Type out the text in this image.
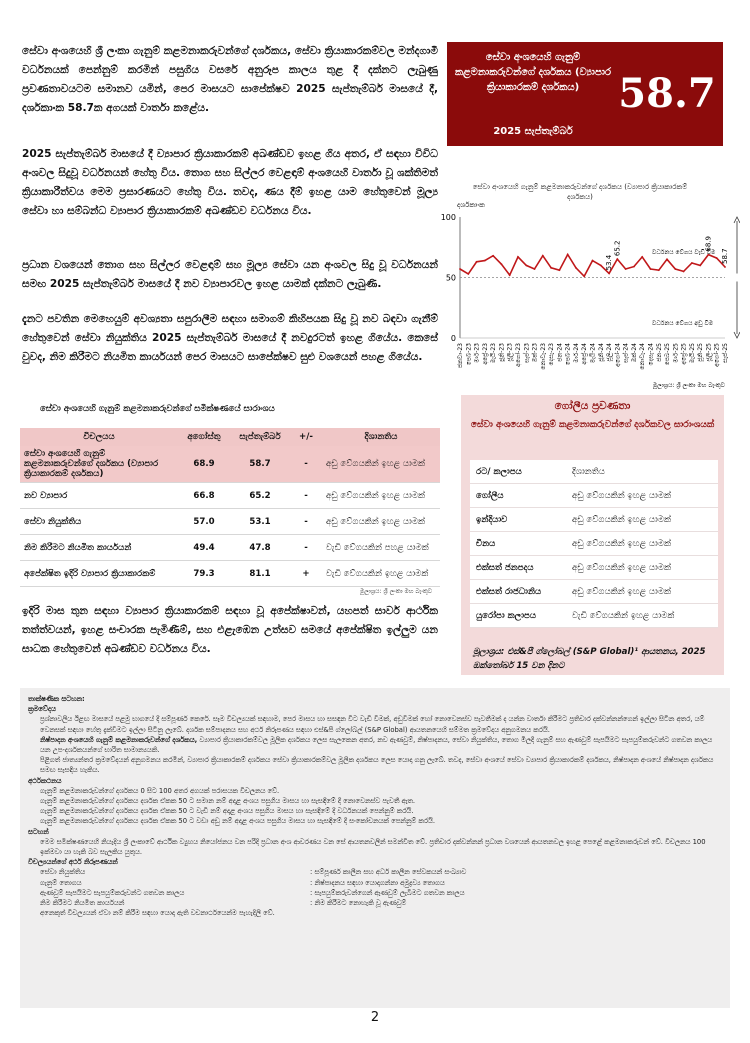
සේවා අංශයෙහි ශ්‍රී ලංකා ගැනුම් කළමනාකරුවන්ගේ දර්ශකය, සේවා ක්‍රියාකාරකම්වල මන්දගාමී වර්ධනයක් පෙන්නුම් කරමින් පසුගිය වසරේ අනුරූප කාලය තුළ දී දක්නට ලැබුණු ප්‍රවණතාවයටම සමානව යමින්, පෙර මාසයට සාපේක්ෂව 2025 සැප්තැම්බර් මාසයේ දී, දර්ශකාංක 58.7ක අගයක් වාර්තා කළේය.
2025 සැප්තැම්බර් මාසයේ දී ව්‍යාපාර ක්‍රියාකාරකම් අඛණ්ඩව ඉහළ ගිය අතර, ඒ සඳහා විවිධ අංශවල සිදුවූ වර්ධනයන් හේතු විය. තොග සහ සිල්ලර වෙළඳාම් අංශයෙහි වාර්තා වූ ශක්තිමත් ක්‍රියාකාරීත්වය මෙම ප්‍රසාරණයට හේතු විය. තවද, ණය දීම් ඉහළ යාම හේතුවෙන් මූල්‍ය සේවා හා සම්බන්ධ ව්‍යාපාර ක්‍රියාකාරකම් අඛණ්ඩව වර්ධනය විය.
ප්‍රධාන වශයෙන් තොග සහ සිල්ලර වෙළඳාම් සහ මූල්‍ය සේවා යන අංශවල සිදු වූ වර්ධනයන් සමඟ 2025 සැප්තැම්බර් මාසයේ දී නව ව්‍යාපාරවල ඉහළ යාමක් දක්නට ලැබුණි.
දැනට පවතින මෙහෙයුම් අවශ්‍යතා සපුරාලීම සඳහා සමාගම් කිහිපයක සිදු වූ නව බඳවා ගැනීම් හේතුවෙන් සේවා නියුක්තිය 2025 සැප්තැම්බර් මාසයේ දී නවදුරටත් ඉහළ ගියේය. කෙසේ වුවද, නිම කිරීමට නියමිත කාර්යයන් පෙර මාසයට සාපේක්ෂව සුළු වශයෙන් පහළ ගියේය.
සේවා අංශයෙහි ගැනුම් කළමනාකරුවන්ගේ දර්ශකය (ව්‍යාපාර ක්‍රියාකාරකම් දර්ශකය) 58.7
2025 සැප්තැම්බර්
සේවා අංශයෙහි ගැනුම් කළමනාකරුවන්ගේ දර්ශකය (ව්‍යාපාර ක්‍රියාකාරකම් දර්ශකය)
දර්ශකාංක
0
50
100
ජනවා-23 පෙබ-23 මාර්-23 අප්‍රේ-23 මැයි-23 ජූනි-23 ජූලි-23 අගෝ-23 සැප්-23 ඔක්-23 නොවැ-23 දෙසැ-23 ජන-24 පෙබ-24 මාර්-24 අප්‍රේ-24 මැයි-24 ජූනි-24 ජූලි-24 අගෝ-24 සැප්-24 ඔක්-24 නොවැ-24 දෙසැ-24 ජන-25 පෙබ-25 මාර්-25 අප්‍රේ-25 මැයි-25 ජූනි-25 ජූලි-25 අගෝ-25 සැප්-25
53.4
65.2	68.9
58.7
වර්ධනය වේගය වැඩි වීම
වර්ධනය වේගය අඩු වීම
මූලාශ්‍රය: ශ්‍රී ලංකා මහ බැංකුව
සේවා අංශයෙහි ගැනුම් කළමනාකරුවන්ගේ සමීක්ෂණයේ සාරාංශය
විචලයය	අගෝස්තු	සැප්තැම්බර්	+/-	දිශානතිය
සේවා අංශයෙහි ගැනුම් කළමනාකරුවන්ගේ දර්ශකය (ව්‍යාපාර ක්‍රියාකාරකම් දර්ශකය)	68.9	58.7	-	අඩු වේගයකින් ඉහළ යාමක්
නව ව්‍යාපාර	66.8	65.2	-	අඩු වේගයකින් ඉහළ යාමක්
සේවා නියුක්තිය	57.0	53.1	-	අඩු වේගයකින් ඉහළ යාමක්
නිම කිරීමට නියමිත කාර්යයන්	49.4	47.8	-	වැඩි වේගයකින් පහළ යාමක්
අපේක්ෂිත ඉදිරි ව්‍යාපාර ක්‍රියාකාරකම්	79.3	81.1	+	වැඩි වේගයකින් ඉහළ යාමක්
මූලාශ්‍රය: ශ්‍රී ලංකා මහ බැංකුව
ඉදිරි මාස තුන සඳහා ව්‍යාපාර ක්‍රියාකාරකම් සඳහා වූ අපේක්ෂාවන්, යහපත් සාර්ව ආර්ථික තත්ත්වයන්, ඉහළ සංචාරක පැමිණීම්, සහ එළැඹෙන උත්සව සමයේ අපේක්ෂිත ඉල්ලුම යන සාධක හේතුවෙන් අඛණ්ඩව වර්ධනය විය.
ගෝලීය ප්‍රවණතා
සේවා අංශයෙහි ගැනුම් කළමනාකරුවන්ගේ දර්ශකවල සාරාංශයක්
රට/ කලාපය	දිශානතිය
ගෝලීය	අඩු වේගයකින් ඉහළ යාමක්
ඉන්දියාව	අඩු වේගයකින් ඉහළ යාමක්
චීනය	අඩු වේගයකින් ඉහළ යාමක්
එක්සත් ජනපදය	අඩු වේගයකින් ඉහළ යාමක්
එක්සත් රාජධානිය	අඩු වේගයකින් ඉහළ යාමක්
යුරෝපා කලාපය	වැඩි වේගයකින් ඉහළ යාමක්
මූලාශ්‍රය: එස්&පී ග්ලෝබල් (S&P Global)¹ ආයතනය, 2025 ඔක්තෝබර් 15 වන දිනට
තාක්ෂණික සටහන:
ක්‍රමවේදය
ප්‍රශ්නාවලිය ඊළඟ මාසයේ පළමු භාගයේ දී සම්පූර්ණ කෙරේ. සෑම විචල්‍යයක් සඳහාම, පෙර මාසය හා සසඳන විට වැඩි වීමක්, අඩුවීමක් හෝ නොවෙනස්ව පැවතීමක් ද යන්න වාර්තා කිරීමට ප්‍රතිචාර දක්වන්නන්ගෙන් ඉල්ලා සිටින අතර, යම් වෙනසක් සඳහා හේතු දැක්වීමට ඉල්ලා සිටිනු ලැබේ. දර්ශක සම්පාදනය සහ අර්ථ නිරූපණය සඳහා එස්&පී ග්ලෝබල් (S&P Global) ආයතනයෙහි සම්මත ක්‍රමවේදය අනුගමනය කරයි.
නිෂ්පාදන අංශයෙහි ගැනුම් කළමනාකරුවන්ගේ දර්ශකය, ව්‍යාපාර ක්‍රියාකාරකම්වල මූලික දර්ශකය ලෙස සැලකෙන අතර, නව ඇණවුම්, නිෂ්පාදනය, සේවා නියුක්තිය, තොග මිලදී ගැනුම් සහ ඇණවුම් සැපයීමට සැපයුම්කරුවන්ට ගතවන කාලය යන උප-දර්ශකයන්ගේ භාරිත සාමාන්‍යයකි.
පිළිගත් ජාත්‍යන්තර ක්‍රමවේදයන් අනුගමනය කරමින්, ව්‍යාපාර ක්‍රියාකාරකම් දර්ශකය සේවා ක්‍රියාකාරකම්වල මූලික දර්ශකය ලෙස යොදා ගනු ලැබේ. තවද, සේවා අංශයේ සේවා ව්‍යාපාර ක්‍රියාකාරකම් දර්ශකය, නිෂ්පාදන අංශයේ නිෂ්පාදන දර්ශකය සමඟ සැසඳිය හැකිය.
අර්ථකථනය
ගැනුම් කළමනාකරුවන්ගේ දර්ශකය 0 සිට 100 අතර අගයක් පරාසයක විචලනය වේ.
ගැනුම් කළමනාකරුවන්ගේ දර්ශකය දර්ශක ඒකක 50 ට සමාන නම් අදාළ අංශය පසුගිය මාසය හා සැසඳීමේ දී නොවෙනස්ව පැවතී ඇත.
ගැනුම් කළමනාකරුවන්ගේ දර්ශකය දර්ශක ඒකක 50 ට වැඩි නම් අදාළ අංශය පසුගිය මාසය හා සැසඳීමේ දී වර්ධනයක් පෙන්නුම් කරයි.
ගැනුම් කළමනාකරුවන්ගේ දර්ශකය දර්ශක ඒකක 50 ට වඩා අඩු නම් අදාළ අංශය පසුගිය මාසය හා සැසඳීමේ දී සංකෝචනයක් පෙන්නුම් කරයි.
සටහන්
මෙම සමීක්ෂණයෙහි නියැදිය ශ්‍රී ලංකාවේ ආර්ථික ව්‍යුහය නියෝජනය වන පරිදි ප්‍රධාන අංශ ආවරණය වන සේ ආයතනවලින් සමන්විත වේ. ප්‍රතිචාර දක්වන්නන් ප්‍රධාන වශයෙන් ආයතනවල ඉහළ පෙළේ කළමනාකරුවන් වේ. විචලනය 100 ඉක්මවා යා හැකි බව සැලකිය යුතුය.
විචල්‍යයන්ගේ අර්ථ නිරූපණයන්
සේවා නියුක්තිය	: සම්පූර්ණ කාලීන සහ අර්ධ කාලීන සේවකයන් සංඛ්‍යාව
ගැනුම් තොගය	: නිෂ්පාදනය සඳහා යොදාගන්නා අමුද්‍රව්‍ය තොගය
ඇණවුම් සැපයීමට සැපයුම්කරුවන්ට ගතවන කාලය	: සැපයුම්කරුවන්ගෙන් ඇණවුම් ලැබීමට ගතවන කාලය
නිම කිරීමට නියමිත කාර්යයන්	: නිම කිරීමට නොහැකි වූ ඇණවුම්
අනෙකුත් විචල්‍යයන් ඒවා නම් කිරීම සඳහා යොදා ඇති වචනාර්ථයෙන්ම පැහැදිලි වේ.
2
